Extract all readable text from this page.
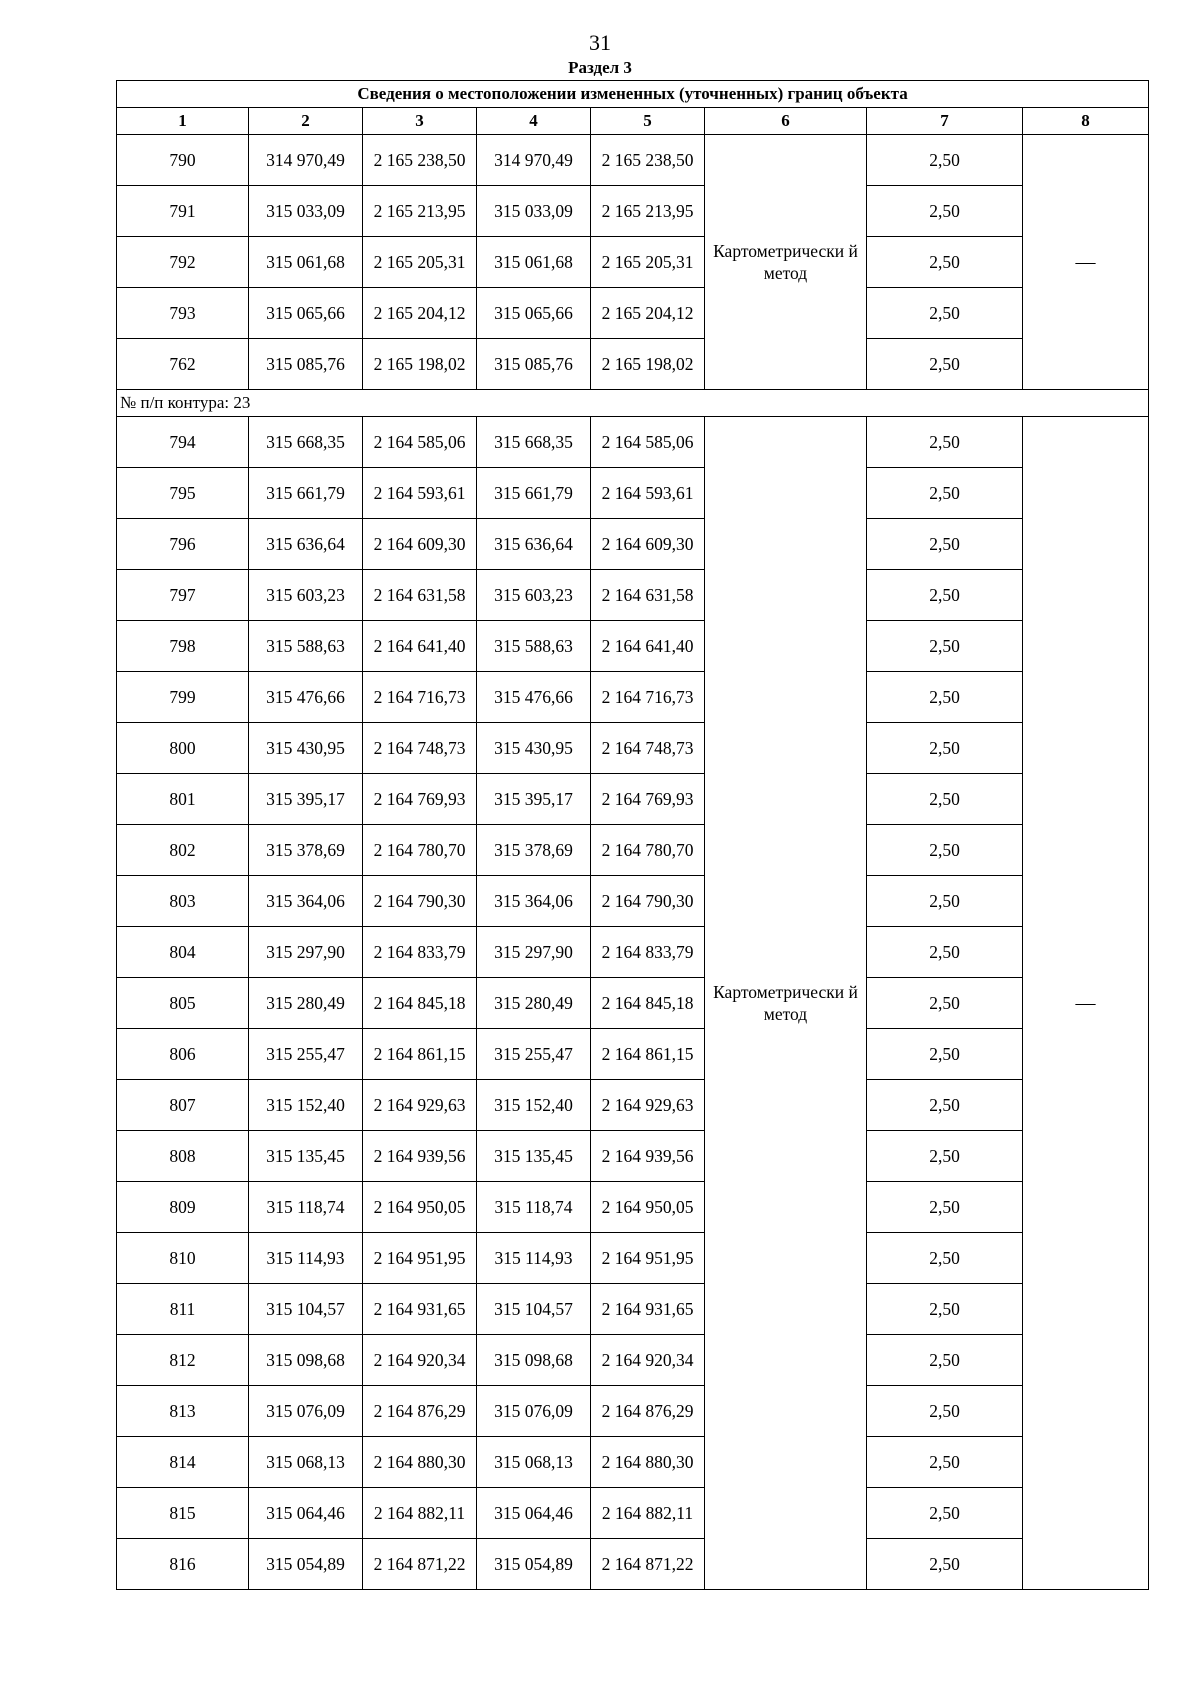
31
Раздел 3
Сведения о местоположении измененных (уточненных) границ объекта							
1	2	3	4	5	6	7	8
790	314 970,49	2 165 238,50	314 970,49	2 165 238,50	Картометрически й метод	2,50	—
791	315 033,09	2 165 213,95	315 033,09	2 165 213,95		2,50	
792	315 061,68	2 165 205,31	315 061,68	2 165 205,31		2,50	
793	315 065,66	2 165 204,12	315 065,66	2 165 204,12		2,50	
762	315 085,76	2 165 198,02	315 085,76	2 165 198,02		2,50	
№ п/п контура: 23							
794	315 668,35	2 164 585,06	315 668,35	2 164 585,06	Картометрически й метод	2,50	—
795	315 661,79	2 164 593,61	315 661,79	2 164 593,61		2,50	
796	315 636,64	2 164 609,30	315 636,64	2 164 609,30		2,50	
797	315 603,23	2 164 631,58	315 603,23	2 164 631,58		2,50	
798	315 588,63	2 164 641,40	315 588,63	2 164 641,40		2,50	
799	315 476,66	2 164 716,73	315 476,66	2 164 716,73		2,50	
800	315 430,95	2 164 748,73	315 430,95	2 164 748,73		2,50	
801	315 395,17	2 164 769,93	315 395,17	2 164 769,93		2,50	
802	315 378,69	2 164 780,70	315 378,69	2 164 780,70		2,50	
803	315 364,06	2 164 790,30	315 364,06	2 164 790,30		2,50	
804	315 297,90	2 164 833,79	315 297,90	2 164 833,79		2,50	
805	315 280,49	2 164 845,18	315 280,49	2 164 845,18		2,50	
806	315 255,47	2 164 861,15	315 255,47	2 164 861,15		2,50	
807	315 152,40	2 164 929,63	315 152,40	2 164 929,63		2,50	
808	315 135,45	2 164 939,56	315 135,45	2 164 939,56		2,50	
809	315 118,74	2 164 950,05	315 118,74	2 164 950,05		2,50	
810	315 114,93	2 164 951,95	315 114,93	2 164 951,95		2,50	
811	315 104,57	2 164 931,65	315 104,57	2 164 931,65		2,50	
812	315 098,68	2 164 920,34	315 098,68	2 164 920,34		2,50	
813	315 076,09	2 164 876,29	315 076,09	2 164 876,29		2,50	
814	315 068,13	2 164 880,30	315 068,13	2 164 880,30		2,50	
815	315 064,46	2 164 882,11	315 064,46	2 164 882,11		2,50	
816	315 054,89	2 164 871,22	315 054,89	2 164 871,22		2,50	
